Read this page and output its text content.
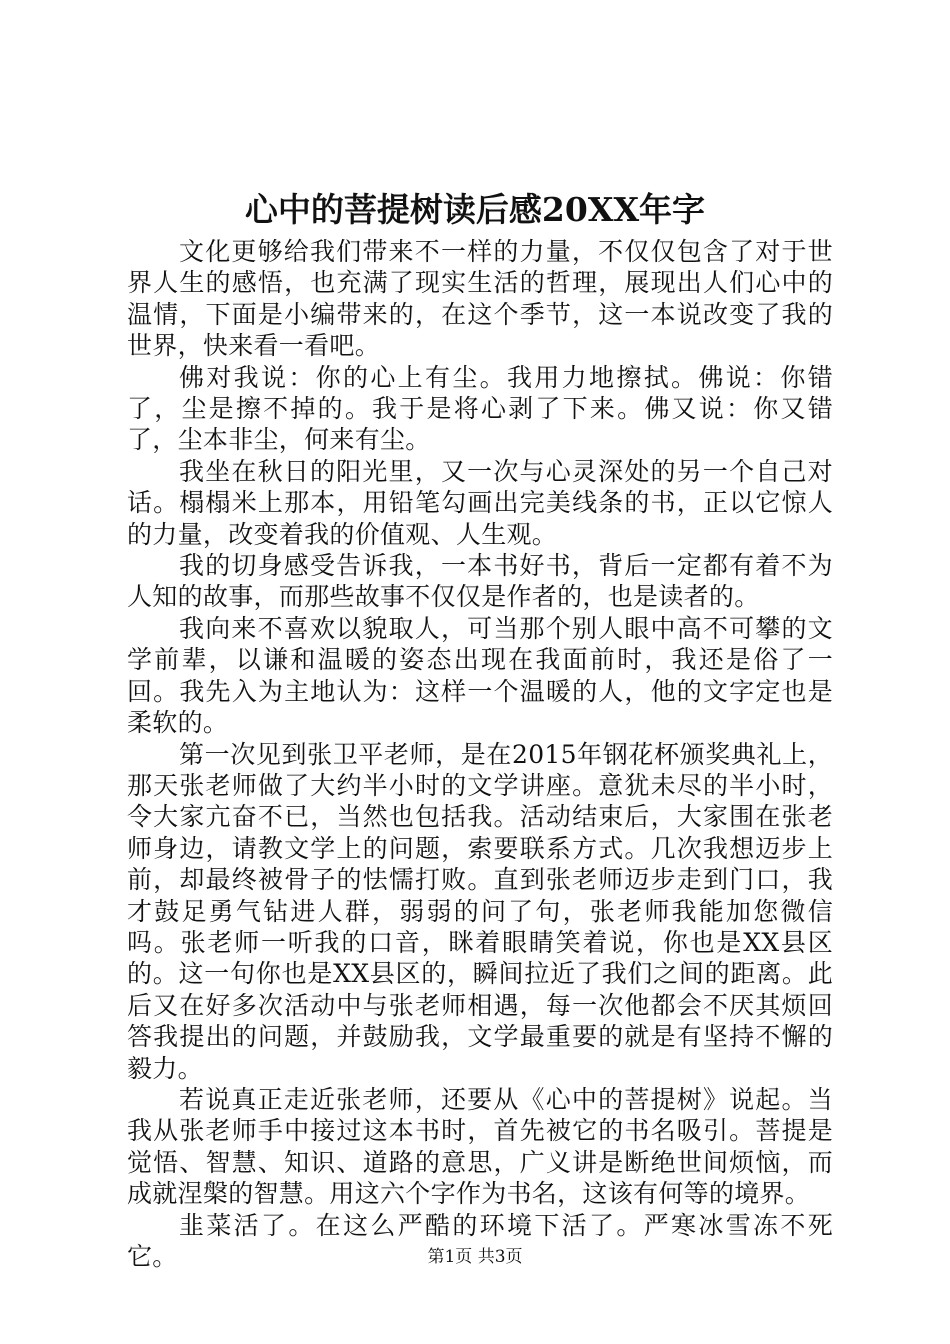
心中的菩提树读后感20XX年字

文化更够给我们带来不一样的力量，不仅仅包含了对于世界人生的感悟，也充满了现实生活的哲理，展现出人们心中的温情，下面是小编带来的，在这个季节，这一本说改变了我的世界，快来看一看吧。

佛对我说：你的心上有尘。我用力地擦拭。佛说：你错了，尘是擦不掉的。我于是将心剥了下来。佛又说：你又错了，尘本非尘，何来有尘。

我坐在秋日的阳光里，又一次与心灵深处的另一个自己对话。榻榻米上那本，用铅笔勾画出完美线条的书，正以它惊人的力量，改变着我的价值观、人生观。

我的切身感受告诉我，一本书好书，背后一定都有着不为人知的故事，而那些故事不仅仅是作者的，也是读者的。

我向来不喜欢以貌取人，可当那个别人眼中高不可攀的文学前辈，以谦和温暖的姿态出现在我面前时，我还是俗了一回。我先入为主地认为：这样一个温暖的人，他的文字定也是柔软的。

第一次见到张卫平老师，是在2015年钢花杯颁奖典礼上，那天张老师做了大约半小时的文学讲座。意犹未尽的半小时，令大家亢奋不已，当然也包括我。活动结束后，大家围在张老师身边，请教文学上的问题，索要联系方式。几次我想迈步上前，却最终被骨子的怯懦打败。直到张老师迈步走到门口，我才鼓足勇气钻进人群，弱弱的问了句，张老师我能加您微信吗。张老师一听我的口音，眯着眼睛笑着说，你也是XX县区的。这一句你也是XX县区的，瞬间拉近了我们之间的距离。此后又在好多次活动中与张老师相遇，每一次他都会不厌其烦回答我提出的问题，并鼓励我，文学最重要的就是有坚持不懈的毅力。

若说真正走近张老师，还要从《心中的菩提树》说起。当我从张老师手中接过这本书时，首先被它的书名吸引。菩提是觉悟、智慧、知识、道路的意思，广义讲是断绝世间烦恼，而成就涅槃的智慧。用这六个字作为书名，这该有何等的境界。

韭菜活了。在这么严酷的环境下活了。严寒冰雪冻不死它。	第1页 共3页
